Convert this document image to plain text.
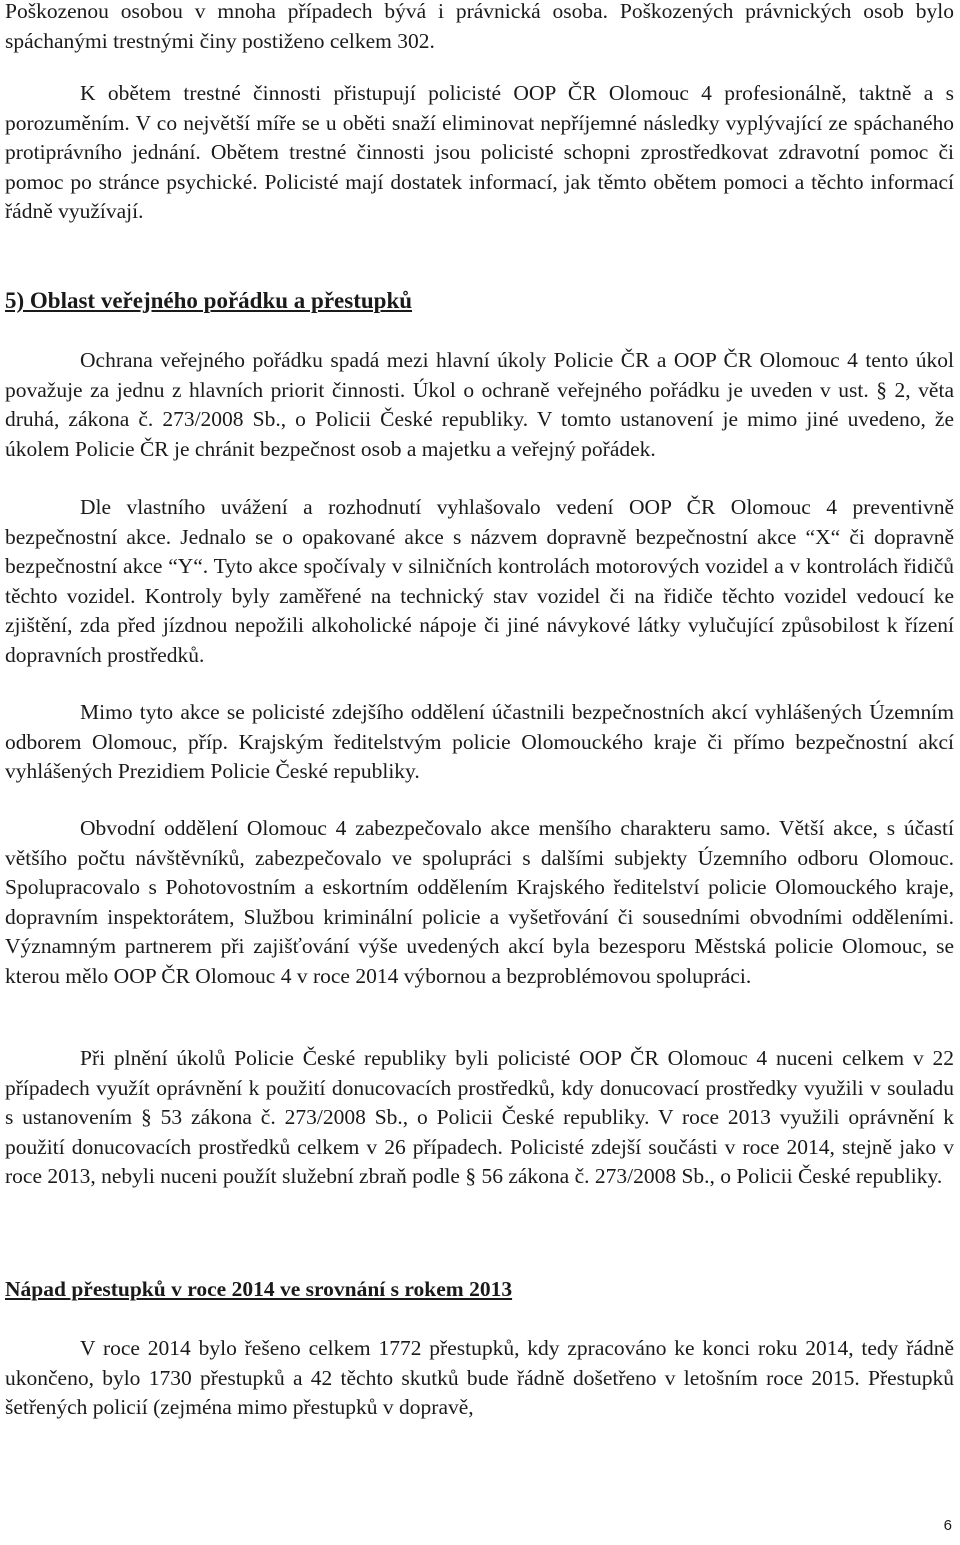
Poškozenou osobou v mnoha případech bývá i právnická osoba. Poškozených právnických osob bylo spáchanými trestnými činy postiženo celkem 302.

K obětem trestné činnosti přistupují policisté OOP ČR Olomouc 4 profesionálně, taktně a s porozuměním. V co největší míře se u oběti snaží eliminovat nepříjemné následky vyplývající ze spáchaného protiprávního jednání. Obětem trestné činnosti jsou policisté schopni zprostředkovat zdravotní pomoc či pomoc po stránce psychické. Policisté mají dostatek informací, jak těmto obětem pomoci a těchto informací řádně využívají.

5) Oblast veřejného pořádku a přestupků

Ochrana veřejného pořádku spadá mezi hlavní úkoly Policie ČR a OOP ČR Olomouc 4 tento úkol považuje za jednu z hlavních priorit činnosti. Úkol o ochraně veřejného pořádku je uveden v ust. § 2, věta druhá, zákona č. 273/2008 Sb., o Policii České republiky. V tomto ustanovení je mimo jiné uvedeno, že úkolem Policie ČR je chránit bezpečnost osob a majetku a veřejný pořádek.

Dle vlastního uvážení a rozhodnutí vyhlašovalo vedení OOP ČR Olomouc 4 preventivně bezpečnostní akce. Jednalo se o opakované akce s názvem dopravně bezpečnostní akce “X“ či dopravně bezpečnostní akce “Y“. Tyto akce spočívaly v silničních kontrolách motorových vozidel a v kontrolách řidičů těchto vozidel. Kontroly byly zaměřené na technický stav vozidel či na řidiče těchto vozidel vedoucí ke zjištění, zda před jízdnou nepožili alkoholické nápoje či jiné návykové látky vylučující způsobilost k řízení dopravních prostředků.

Mimo tyto akce se policisté zdejšího oddělení účastnili bezpečnostních akcí vyhlášených Územním odborem Olomouc, příp. Krajským ředitelstvým policie Olomouckého kraje či přímo bezpečnostní akcí vyhlášených Prezidiem Policie České republiky.

Obvodní oddělení Olomouc 4 zabezpečovalo akce menšího charakteru samo. Větší akce, s účastí většího počtu návštěvníků, zabezpečovalo ve spolupráci s dalšími subjekty Územního odboru Olomouc. Spolupracovalo s Pohotovostním a eskortním oddělením Krajského ředitelství policie Olomouckého kraje, dopravním inspektorátem, Službou kriminální policie a vyšetřování či sousedními obvodními odděleními. Významným partnerem při zajišťování výše uvedených akcí byla bezesporu Městská policie Olomouc, se kterou mělo OOP ČR Olomouc 4 v roce 2014 výbornou a bezproblémovou spolupráci.

Při plnění úkolů Policie České republiky byli policisté OOP ČR Olomouc 4 nuceni celkem v 22 případech využít oprávnění k použití donucovacích prostředků, kdy donucovací prostředky využili v souladu s ustanovením § 53 zákona č. 273/2008 Sb., o Policii České republiky. V roce 2013 využili oprávnění k použití donucovacích prostředků celkem v 26 případech. Policisté zdejší součásti v roce 2014, stejně jako v roce 2013, nebyli nuceni použít služební zbraň podle § 56 zákona č. 273/2008 Sb., o Policii České republiky.

Nápad přestupků v roce 2014 ve srovnání s rokem 2013

V roce 2014 bylo řešeno celkem 1772 přestupků, kdy zpracováno ke konci roku 2014, tedy řádně ukončeno, bylo 1730 přestupků a 42 těchto skutků bude řádně došetřeno v letošním roce 2015. Přestupků šetřených policií (zejména mimo přestupků v dopravě,

6
